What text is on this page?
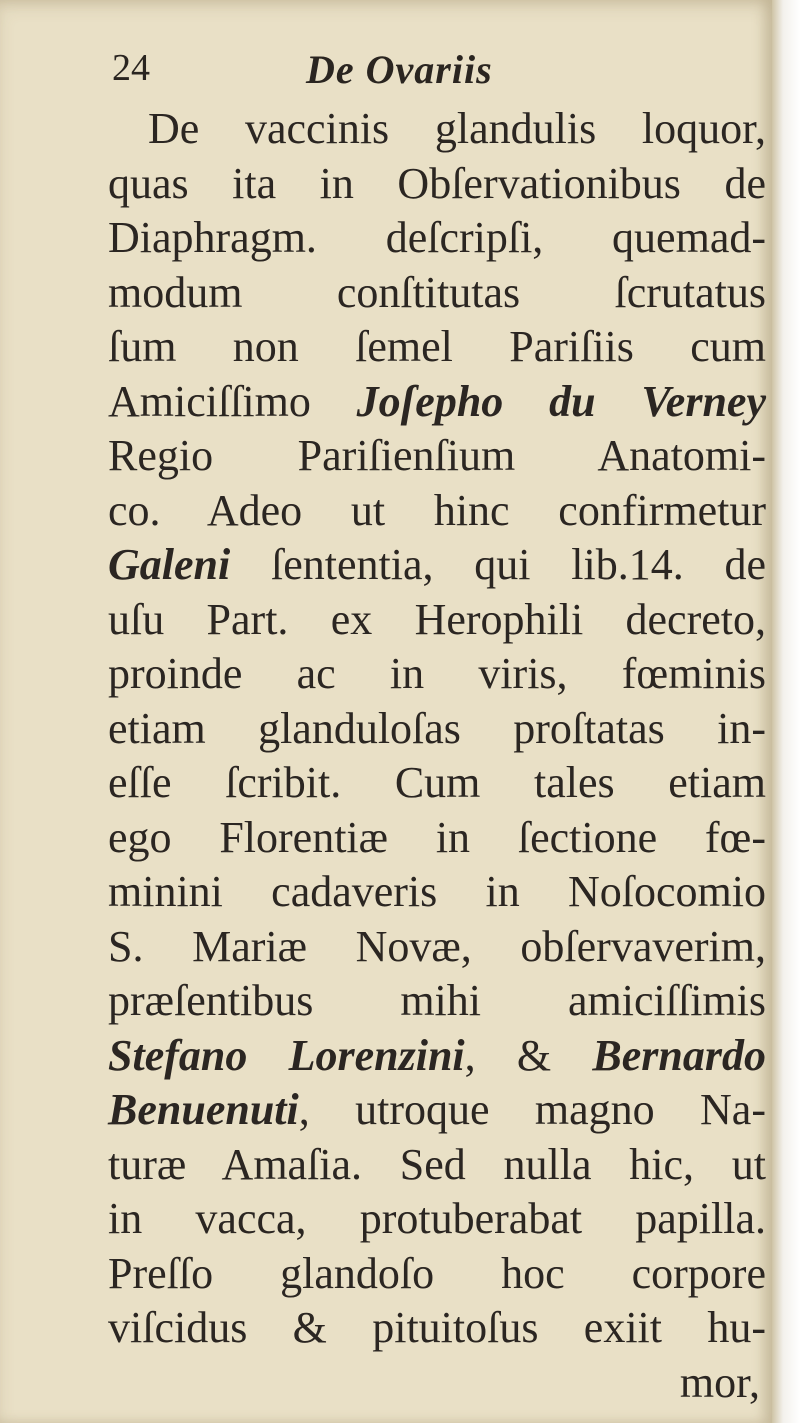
24	De Ovariis
De vaccinis glandulis loquor,
quas ita in Obſervationibus de
Diaphragm. deſcripſi, quemad-
modum conſtitutas ſcrutatus
ſum non ſemel Pariſiis cum
Amiciſſimo Joſepho du Verney
Regio Pariſienſium Anatomi-
co. Adeo ut hinc confirmetur
Galeni ſententia, qui lib.14. de
uſu Part. ex Herophili decreto,
proinde ac in viris, fœminis
etiam glanduloſas proſtatas in-
eſſe ſcribit. Cum tales etiam
ego Florentiæ in ſectione fœ-
minini cadaveris in Noſocomio
S. Mariæ Novæ, obſervaverim,
præſentibus mihi amiciſſimis
Stefano Lorenzini, & Bernardo
Benuenuti, utroque magno Na-
turæ Amaſia. Sed nulla hic, ut
in vacca, protuberabat papilla.
Preſſo glandoſo hoc corpore
viſcidus & pituitoſus exiit hu-
mor,
